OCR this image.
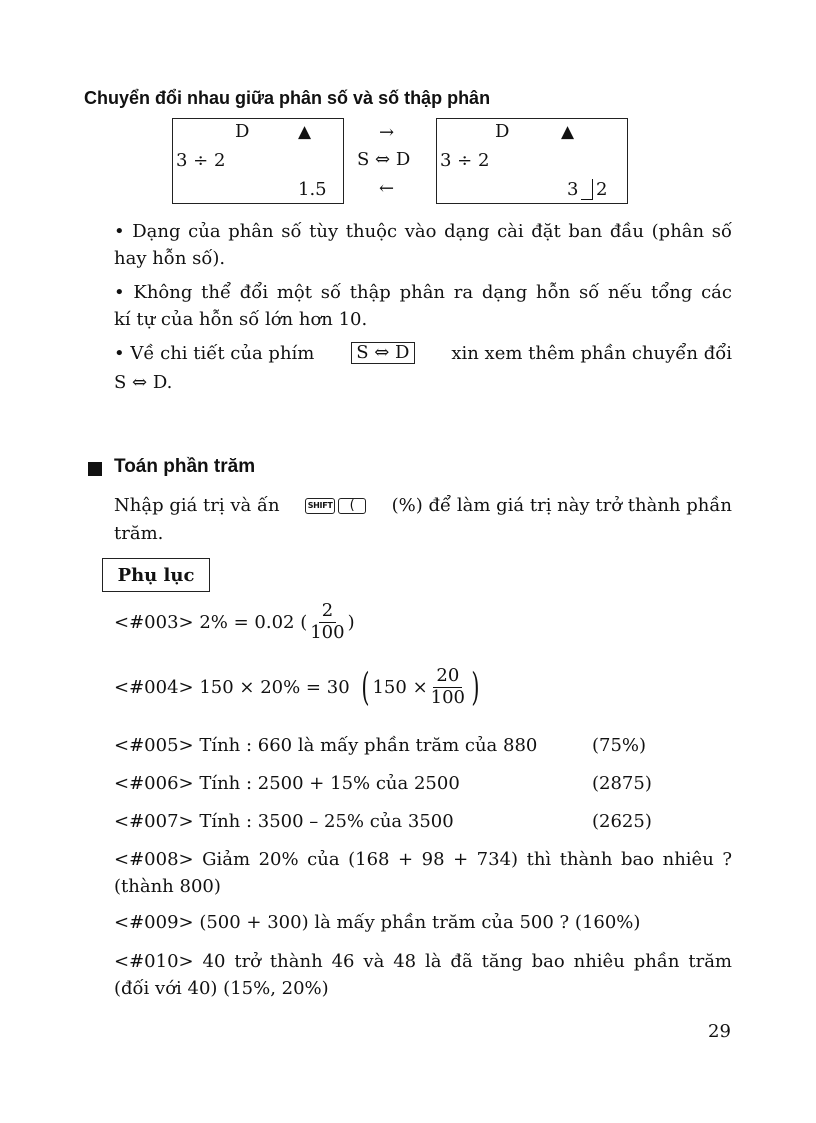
Chuyển đổi nhau giữa phân số và số thập phân
D	▲
3 ÷ 2
1.5
→
S ⇔ D
←
D	▲
3 ÷ 2
3 2
• Dạng của phân số tùy thuộc vào dạng cài đặt ban đầu (phân số
hay hỗn số).
• Không thể đổi một số thập phân ra dạng hỗn số nếu tổng các
kí tự của hỗn số lớn hơn 10.
• Về chi tiết của phím S ⇔ D xin xem thêm phần chuyển đổi
S ⇔ D.
Toán phần trăm
Nhập giá trị và ấn	SHIFT	(	(%) để làm giá trị này trở thành phần
trăm.
Phụ lục
<#003> 2% = 0.02 ( $\frac{2}{100}$ )
<#004> 150 × 20% = 30 ( $150 \times \frac{20}{100}$ )
<#005> Tính : 660 là mấy phần trăm của 880	(75%)
<#006> Tính : 2500 + 15% của 2500	(2875)
<#007> Tính : 3500 – 25% của 3500	(2625)
<#008> Giảm 20% của (168 + 98 + 734) thì thành bao nhiêu ?
(thành 800)
<#009> (500 + 300) là mấy phần trăm của 500 ? (160%)
<#010> 40 trở thành 46 và 48 là đã tăng bao nhiêu phần trăm
(đối với 40) (15%, 20%)
29
